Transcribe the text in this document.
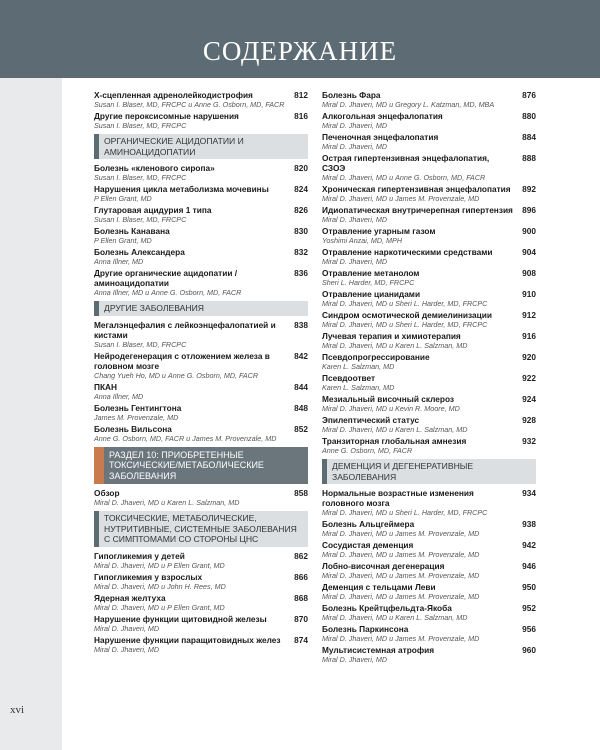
СОДЕРЖАНИЕ
xvi
X-сцепленная адренолейкодистрофия	812
Susan I. Blaser, MD, FRCPC и Anne G. Osborn, MD, FACR
Другие пероксисомные нарушения	816
Susan I. Blaser, MD, FRCPC
ОРГАНИЧЕСКИЕ АЦИДОПАТИИ И АМИНОАЦИДОПАТИИ
Болезнь «кленового сиропа»	820
Susan I. Blaser, MD, FRCPC
Нарушения цикла метаболизма мочевины	824
P Ellen Grant, MD
Глутаровая ацидурия 1 типа	826
Susan I. Blaser, MD, FRCPC
Болезнь Канавана	830
P Ellen Grant, MD
Болезнь Александера	832
Anna Illner, MD
Другие органические ацидопатии / аминоацидопатии
836
Anna Illner, MD и Anne G. Osborn, MD, FACR
ДРУГИЕ ЗАБОЛЕВАНИЯ
Мегалэнцефалия с лейкоэнцефалопатией и кистами
838
Susan I. Blaser, MD, FRCPC
Нейродегенерация с отложением железа в головном мозге
842
Chang Yueh Ho, MD и Anne G. Osborn, MD, FACR
ПКАН	844
Anna Illner, MD
Болезнь Гентингтона	848
James M. Provenzale, MD
Болезнь Вильсона	852
Anne G. Osborn, MD, FACR и James M. Provenzale, MD
РАЗДЕЛ 10: ПРИОБРЕТЕННЫЕ ТОКСИЧЕСКИЕ/МЕТАБОЛИЧЕСКИЕ ЗАБОЛЕВАНИЯ
Обзор	858
Miral D. Jhaveri, MD и Karen L. Salzman, MD
ТОКСИЧЕСКИЕ, МЕТАБОЛИЧЕСКИЕ, НУТРИТИВНЫЕ, СИСТЕМНЫЕ ЗАБОЛЕВАНИЯ С СИМПТОМАМИ СО СТОРОНЫ ЦНС
Гипогликемия у детей	862
Miral D. Jhaveri, MD и P Ellen Grant, MD
Гипогликемия у взрослых	866
Miral D. Jhaveri, MD и John H. Rees, MD
Ядерная желтуха	868
Miral D. Jhaveri, MD и P Ellen Grant, MD
Нарушение функции щитовидной железы	870
Miral D. Jhaveri, MD
Нарушение функции паращитовидных желез	874
Miral D. Jhaveri, MD
Болезнь Фара	876
Miral D. Jhaveri, MD и Gregory L. Katzman, MD, MBA
Алкогольная энцефалопатия	880
Miral D. Jhaveri, MD
Печеночная энцефалопатия	884
Miral D. Jhaveri, MD
Острая гипертензивная энцефалопатия, СЗОЭ
888
Miral D. Jhaveri, MD и Anne G. Osborn, MD, FACR
Хроническая гипертензивная энцефалопатия	892
Miral D. Jhaveri, MD и James M. Provenzale, MD
Идиопатическая внутричерепная гипертензия	896
Miral D. Jhaveri, MD
Отравление угарным газом	900
Yoshimi Anzai, MD, MPH
Отравление наркотическими средствами	904
Miral D. Jhaveri, MD
Отравление метанолом	908
Sheri L. Harder, MD, FRCPC
Отравление цианидами	910
Miral D. Jhaveri, MD и Sheri L. Harder, MD, FRCPC
Синдром осмотической демиелинизации	912
Miral D. Jhaveri, MD и Sheri L. Harder, MD, FRCPC
Лучевая терапия и химиотерапия	916
Miral D. Jhaveri, MD и Karen L. Salzman, MD
Псевдопрогрессирование	920
Karen L. Salzman, MD
Псевдоответ	922
Karen L. Salzman, MD
Мезиальный височный склероз	924
Miral D. Jhaveri, MD и Kevin R. Moore, MD
Эпилептический статус	928
Miral D. Jhaveri, MD и Karen L. Salzman, MD
Транзиторная глобальная амнезия	932
Anne G. Osborn, MD, FACR
ДЕМЕНЦИЯ И ДЕГЕНЕРАТИВНЫЕ ЗАБОЛЕВАНИЯ
Нормальные возрастные изменения головного мозга
934
Miral D. Jhaveri, MD и Sheri L. Harder, MD, FRCPC
Болезнь Альцгеймера	938
Miral D. Jhaveri, MD и James M. Provenzale, MD
Сосудистая деменция	942
Miral D. Jhaveri, MD и James M. Provenzale, MD
Лобно-височная дегенерация	946
Miral D. Jhaveri, MD и James M. Provenzale, MD
Деменция с тельцами Леви	950
Miral D. Jhaveri, MD и James M. Provenzale, MD
Болезнь Крейтцфельдта-Якоба	952
Miral D. Jhaveri, MD и Karen L. Salzman, MD
Болезнь Паркинсона	956
Miral D. Jhaveri, MD и James M. Provenzale, MD
Мультисистемная атрофия	960
Miral D. Jhaveri, MD
